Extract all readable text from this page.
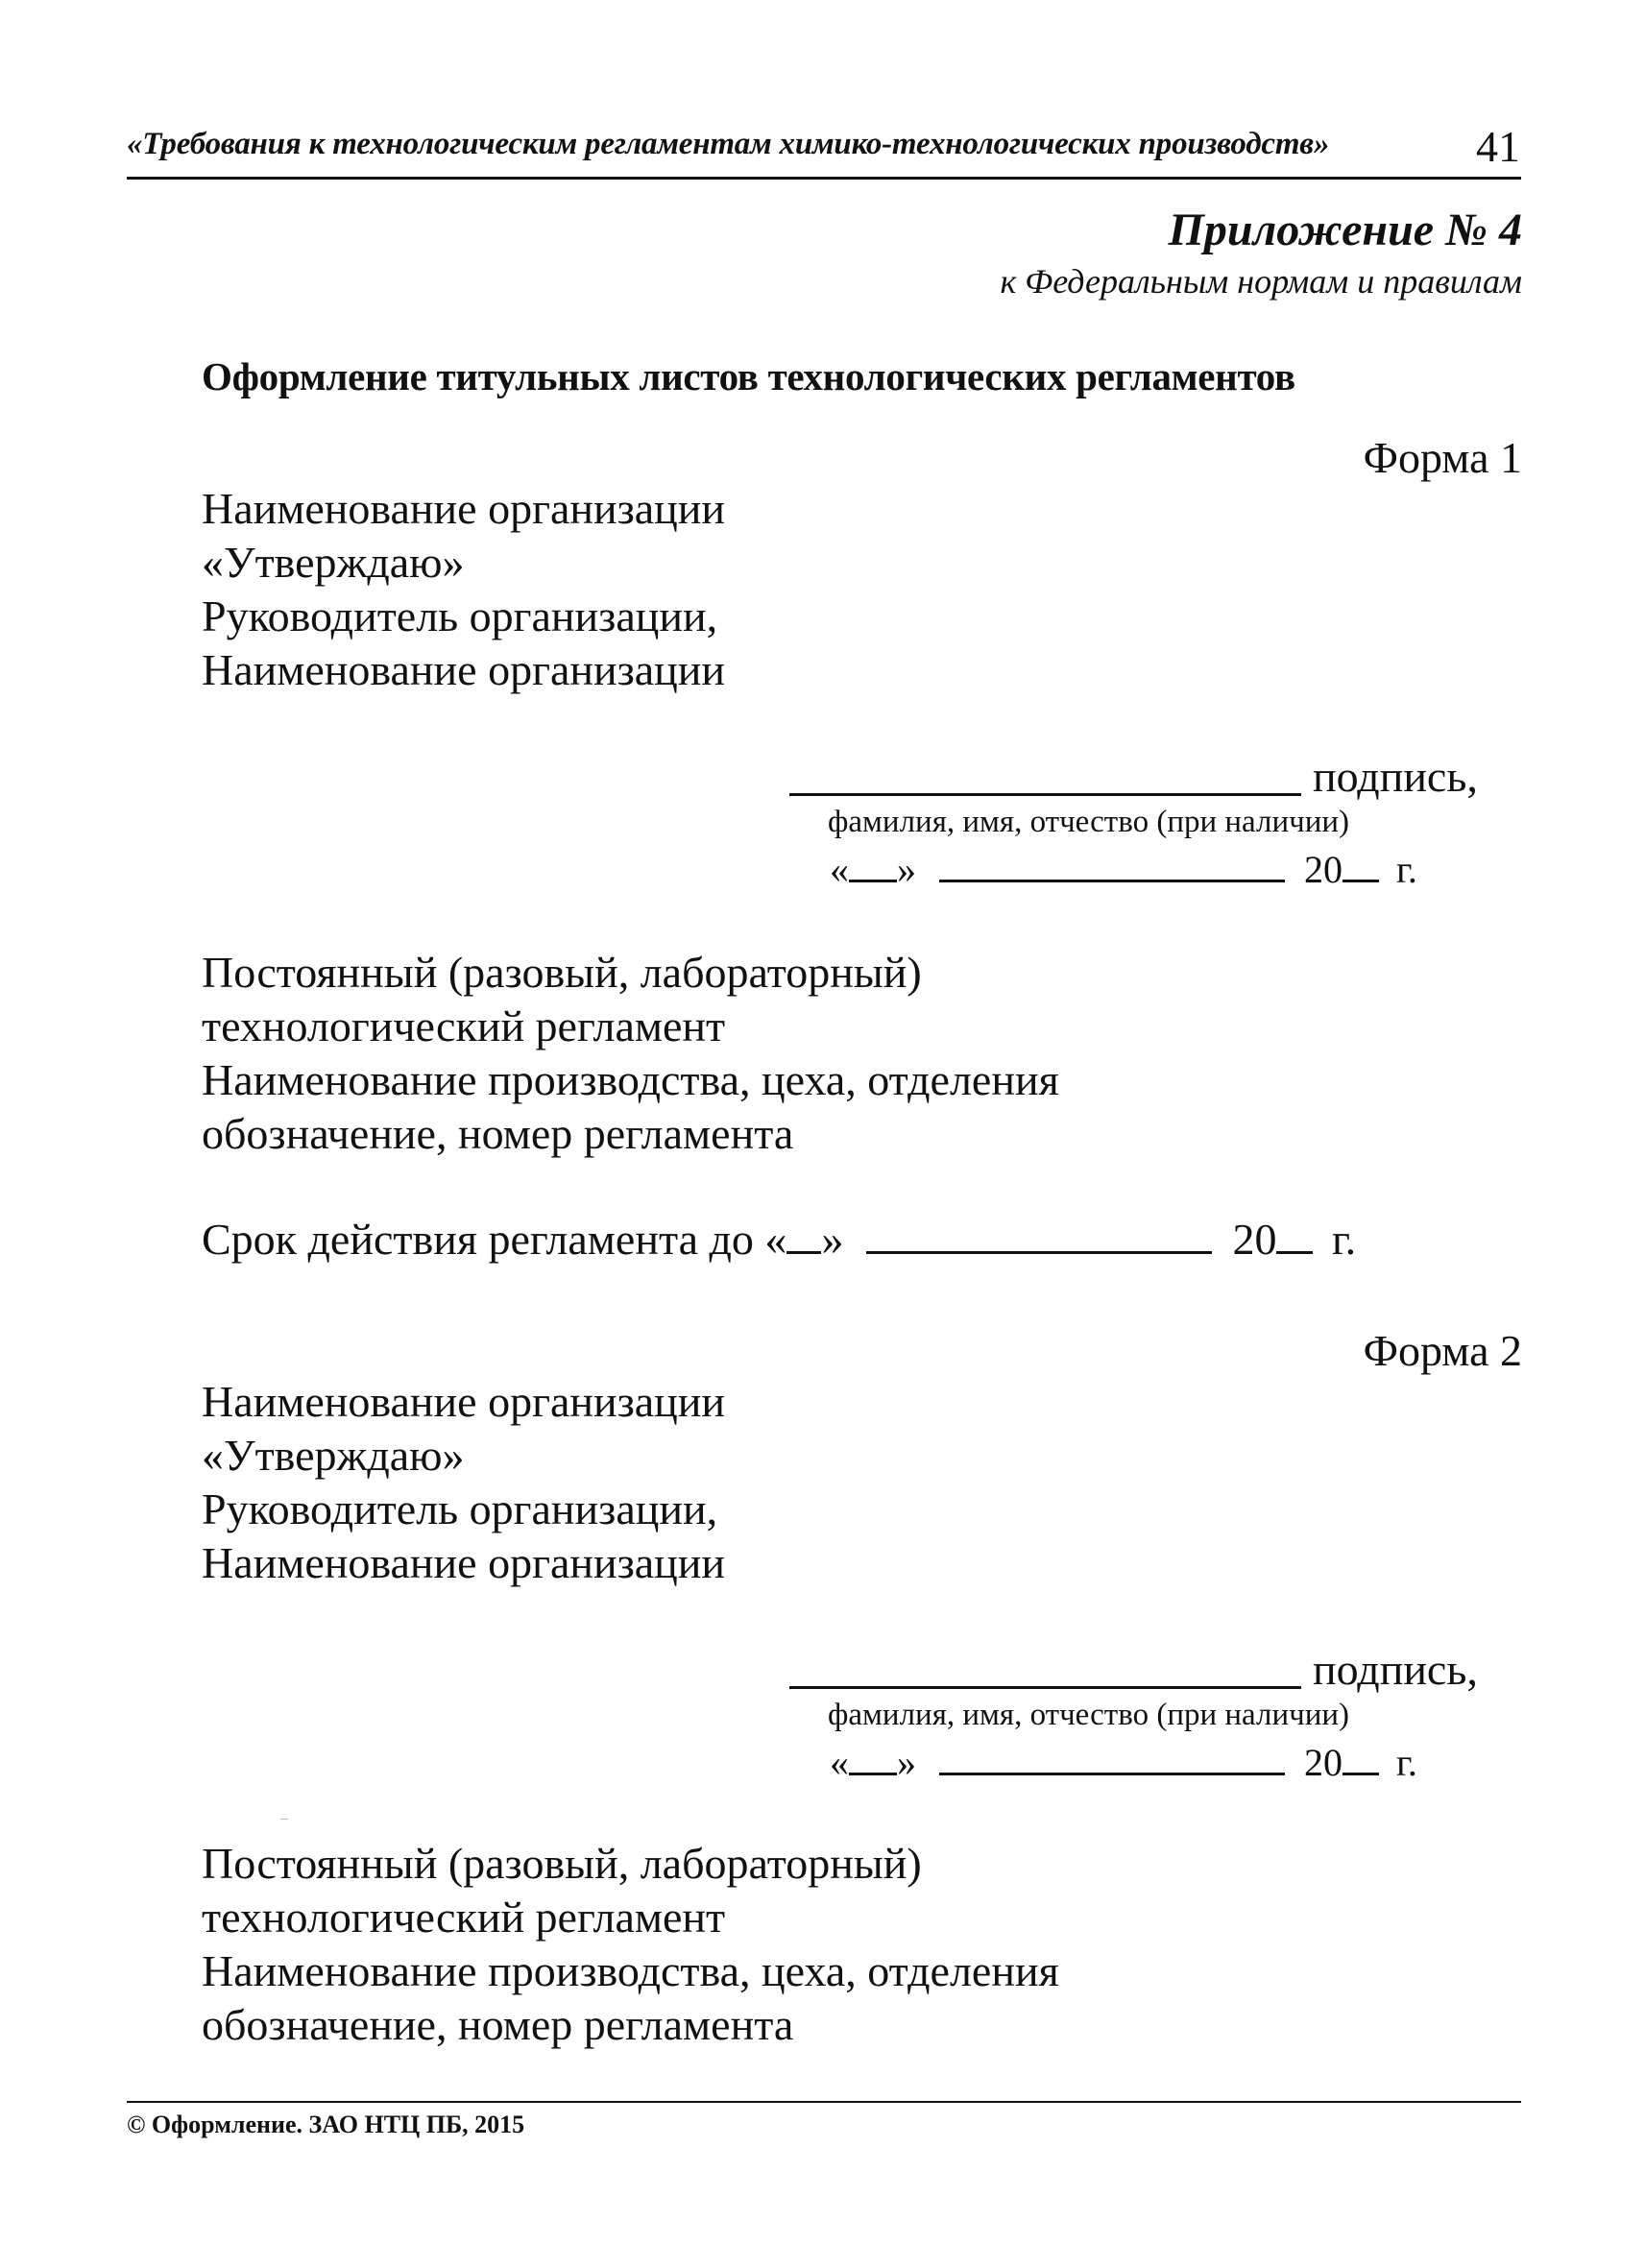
«Требования к технологическим регламентам химико-технологических производств»	41
Приложение № 4
к Федеральным нормам и правилам
Оформление титульных листов технологических регламентов
Форма 1
Наименование организации
«Утверждаю»
Руководитель организации,
Наименование организации
подпись,
фамилия, имя, отчество (при наличии)
« »	20 г.
Постоянный (разовый, лабораторный)
технологический регламент
Наименование производства, цеха, отделения
обозначение, номер регламента
Срок действия регламента до « »	20 г.
Форма 2
Наименование организации
«Утверждаю»
Руководитель организации,
Наименование организации
подпись,
фамилия, имя, отчество (при наличии)
« »	20 г.
Постоянный (разовый, лабораторный)
технологический регламент
Наименование производства, цеха, отделения
обозначение, номер регламента
© Оформление. ЗАО НТЦ ПБ, 2015
